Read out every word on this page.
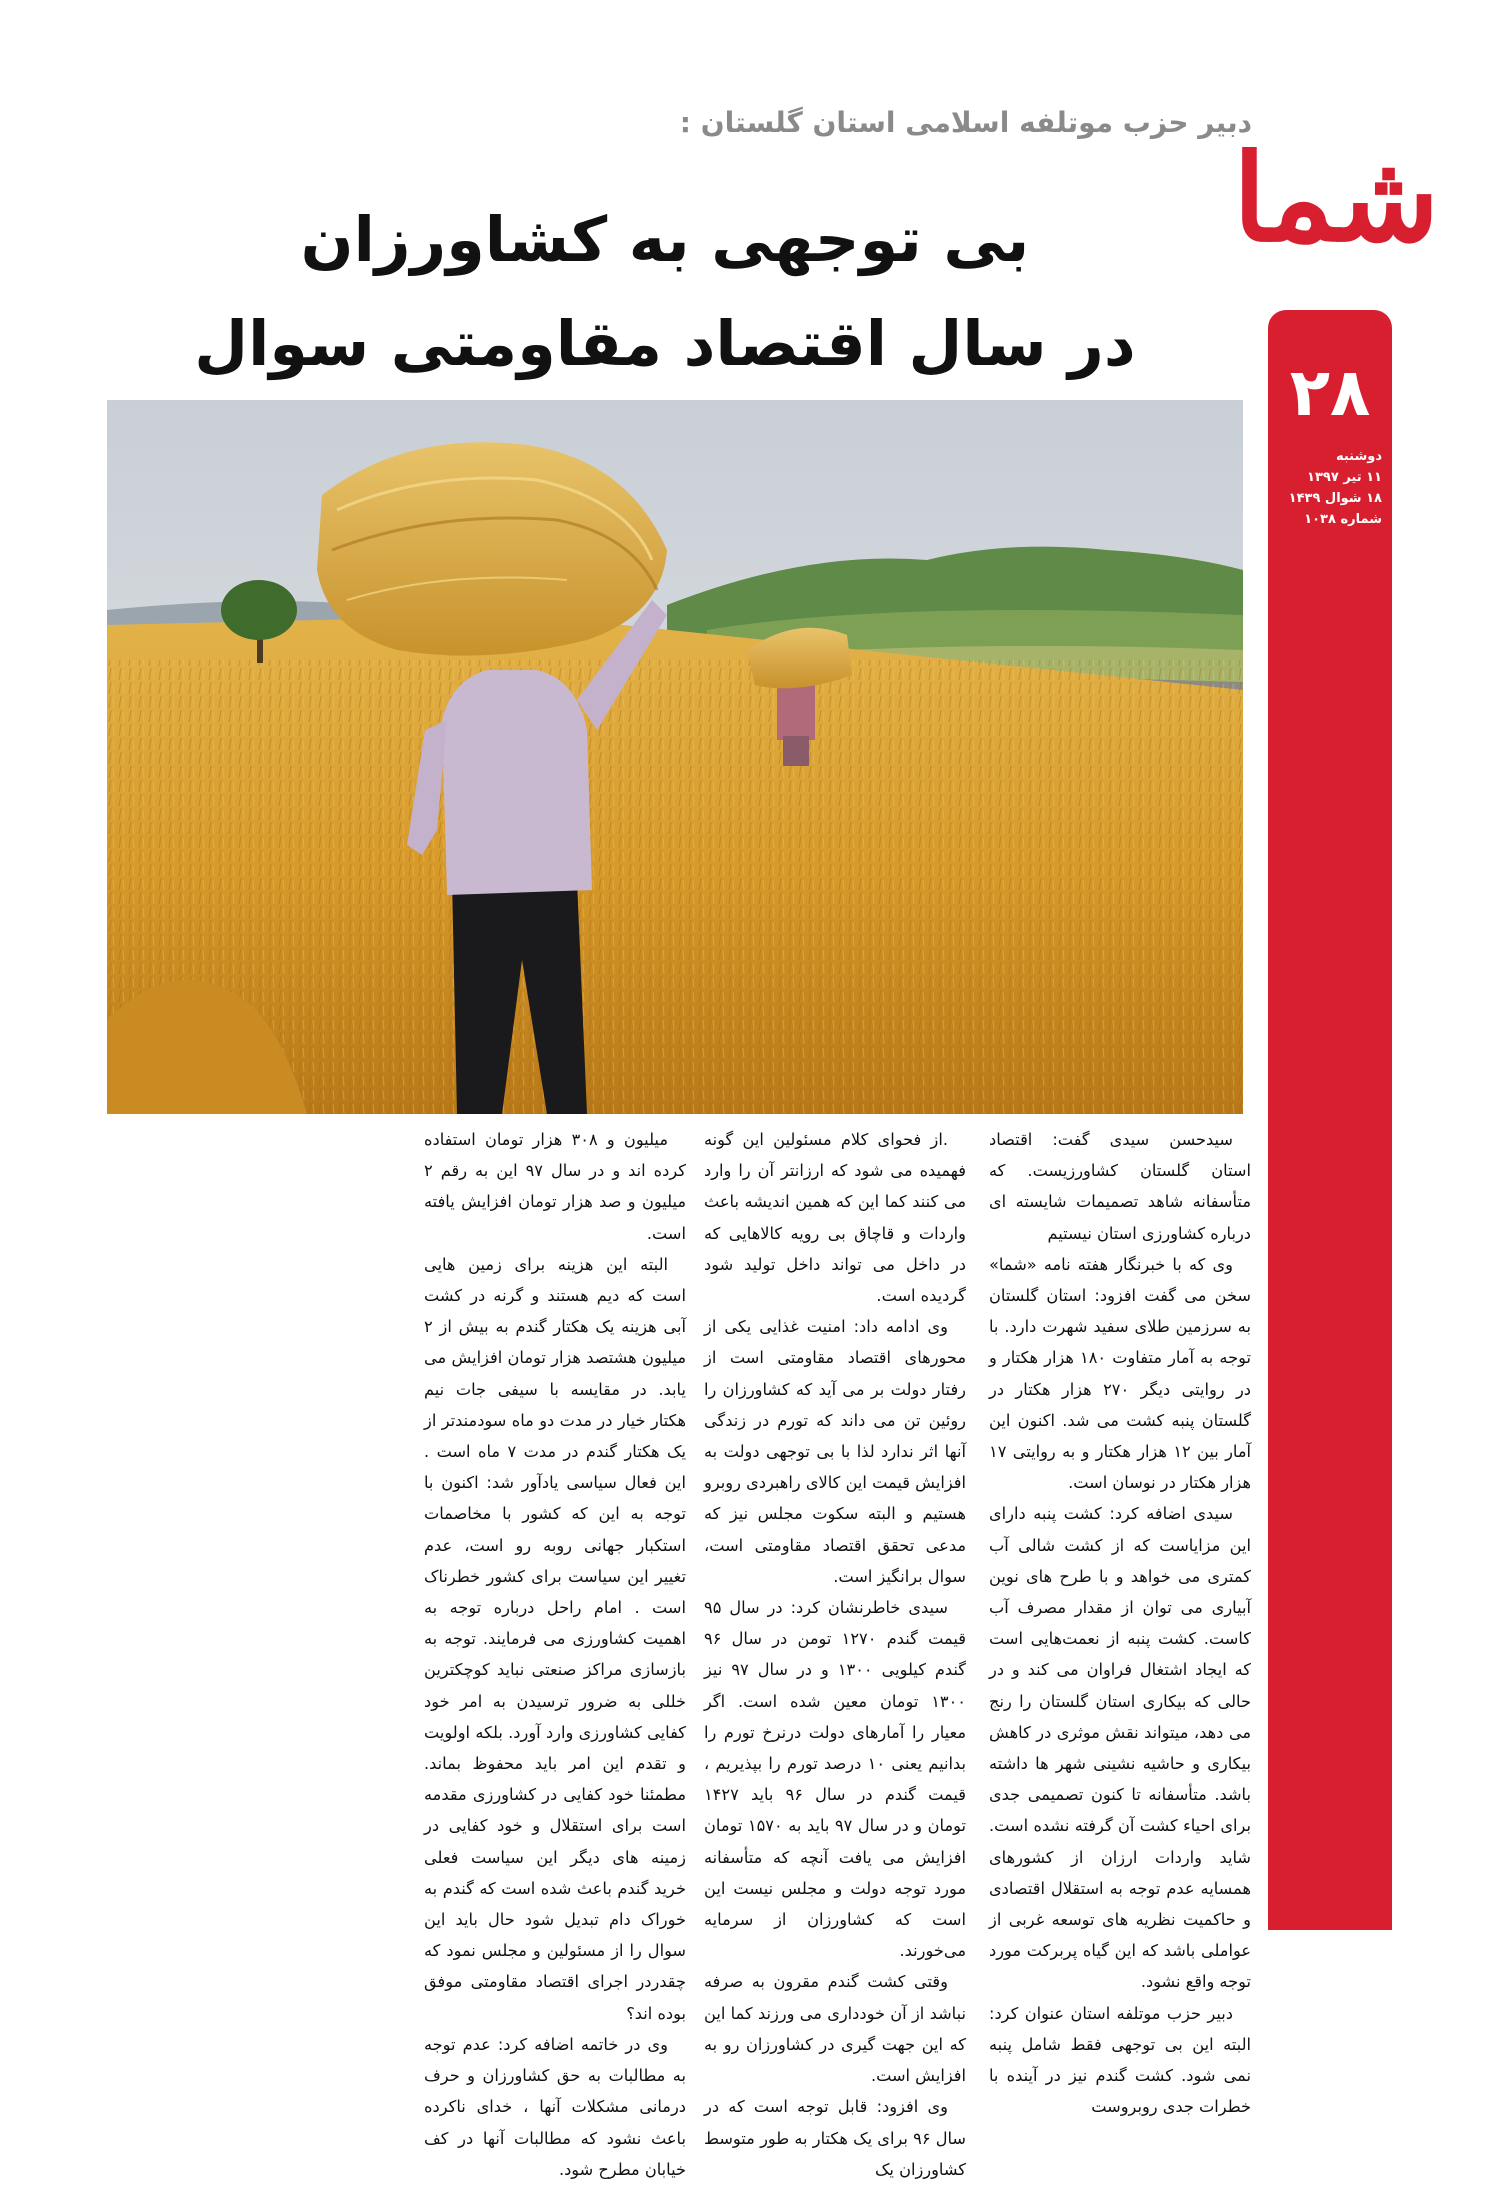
شما
۲۸
دوشنبه
۱۱ تیر ۱۳۹۷
۱۸ شوال ۱۴۳۹
شماره ۱۰۳۸
دبیر حزب موتلفه اسلامی استان گلستان :
بی توجهی به کشاورزان
در سال اقتصاد مقاومتی سوال

سیدحسن سیدی گفت: اقتصاد استان گلستان کشاورزیست. که متأسفانه شاهد تصمیمات شایسته ای درباره کشاورزی استان نیستیم

وی که با خبرنگار هفته نامه «شما» سخن می گفت افزود: استان گلستان به سرزمین طلای سفید شهرت دارد. با توجه به آمار متفاوت ۱۸۰ هزار هکتار و در روایتی دیگر ۲۷۰ هزار هکتار در گلستان پنبه کشت می شد. اکنون این آمار بین ۱۲ هزار هکتار و به روایتی ۱۷ هزار هکتار در نوسان است.

سیدی اضافه کرد: کشت پنبه دارای این مزایاست که از کشت شالی آب کمتری می خواهد و با طرح های نوین آبیاری می توان از مقدار مصرف آب کاست. کشت پنبه از نعمت‌هایی است که ایجاد اشتغال فراوان می کند و در حالی که بیکاری استان گلستان را رنج می دهد، میتواند نقش موثری در کاهش بیکاری و حاشیه نشینی شهر ها داشته باشد. متأسفانه تا کنون تصمیمی جدی برای احیاء کشت آن گرفته نشده است. شاید واردات ارزان از کشورهای همسایه عدم توجه به استقلال اقتصادی و حاکمیت نظریه های توسعه غربی از عواملی باشد که این گیاه پربرکت مورد توجه واقع نشود.

دبیر حزب موتلفه استان عنوان کرد: البته این بی توجهی فقط شامل پنبه نمی شود. کشت گندم نیز در آینده با خطرات جدی روبروست

.از فحوای کلام مسئولین این گونه فهمیده می شود که ارزانتر آن را وارد می کنند کما این که همین اندیشه باعث واردات و قاچاق بی رویه کالاهایی که در داخل می تواند داخل تولید شود گردیده است.

وی ادامه داد: امنیت غذایی یکی از محورهای اقتصاد مقاومتی است از رفتار دولت بر می آید که کشاورزان را روئین تن می داند که تورم در زندگی آنها اثر ندارد لذا با بی توجهی دولت به افزایش قیمت این کالای راهبردی روبرو هستیم و البته سکوت مجلس نیز که مدعی تحقق اقتصاد مقاومتی است، سوال برانگیز است.

سیدی خاطرنشان کرد: در سال ۹۵ قیمت گندم ۱۲۷۰ تومن در سال ۹۶ گندم کیلویی ۱۳۰۰ و در سال ۹۷ نیز ۱۳۰۰ تومان معین شده است. اگر معیار را آمارهای دولت درنرخ تورم را بدانیم یعنی ۱۰ درصد تورم را بپذیریم ، قیمت گندم در سال ۹۶ باید ۱۴۲۷ تومان و در سال ۹۷ باید به ۱۵۷۰ تومان افزایش می یافت آنچه که متأسفانه مورد توجه دولت و مجلس نیست این است که کشاورزان از سرمایه می‌خورند.

وقتی کشت گندم مقرون به صرفه نباشد از آن خودداری می ورزند کما این که این جهت گیری در کشاورزان رو به افزایش است.

وی افزود: قابل توجه است که در سال ۹۶ برای یک هکتار به طور متوسط کشاورزان یک

میلیون و ۳۰۸ هزار تومان استفاده کرده اند و در سال ۹۷ این به رقم ۲ میلیون و صد هزار تومان افزایش یافته است.

البته این هزینه برای زمین هایی است که دیم هستند و گرنه در کشت آبی هزینه یک هکتار گندم به بیش از ۲ میلیون هشتصد هزار تومان افزایش می یابد. در مقایسه با سیفی جات نیم هکتار خیار در مدت دو ماه سودمندتر از یک هکتار گندم در مدت ۷ ماه است . این فعال سیاسی یادآور شد: اکنون با توجه به این که کشور با مخاصمات استکبار جهانی روبه رو است، عدم تغییر این سیاست برای کشور خطرناک است . امام راحل درباره توجه به اهمیت کشاورزی می فرمایند. توجه به بازسازی مراکز صنعتی نباید کوچکترین خللی به ضرور ترسیدن به امر خود کفایی کشاورزی وارد آورد. بلکه اولویت و تقدم این امر باید محفوظ بماند. مطمئنا خود کفایی در کشاورزی مقدمه است برای استقلال و خود کفایی در زمینه های دیگر این سیاست فعلی خرید گندم باعث شده است که گندم به خوراک دام تبدیل شود حال باید این سوال را از مسئولین و مجلس نمود که چقدردر اجرای اقتصاد مقاومتی موفق بوده اند؟

وی در خاتمه اضافه کرد: عدم توجه به مطالبات به حق کشاورزان و حرف درمانی مشکلات آنها ، خدای ناکرده باعث نشود که مطالبات آنها در کف خیابان مطرح شود.
